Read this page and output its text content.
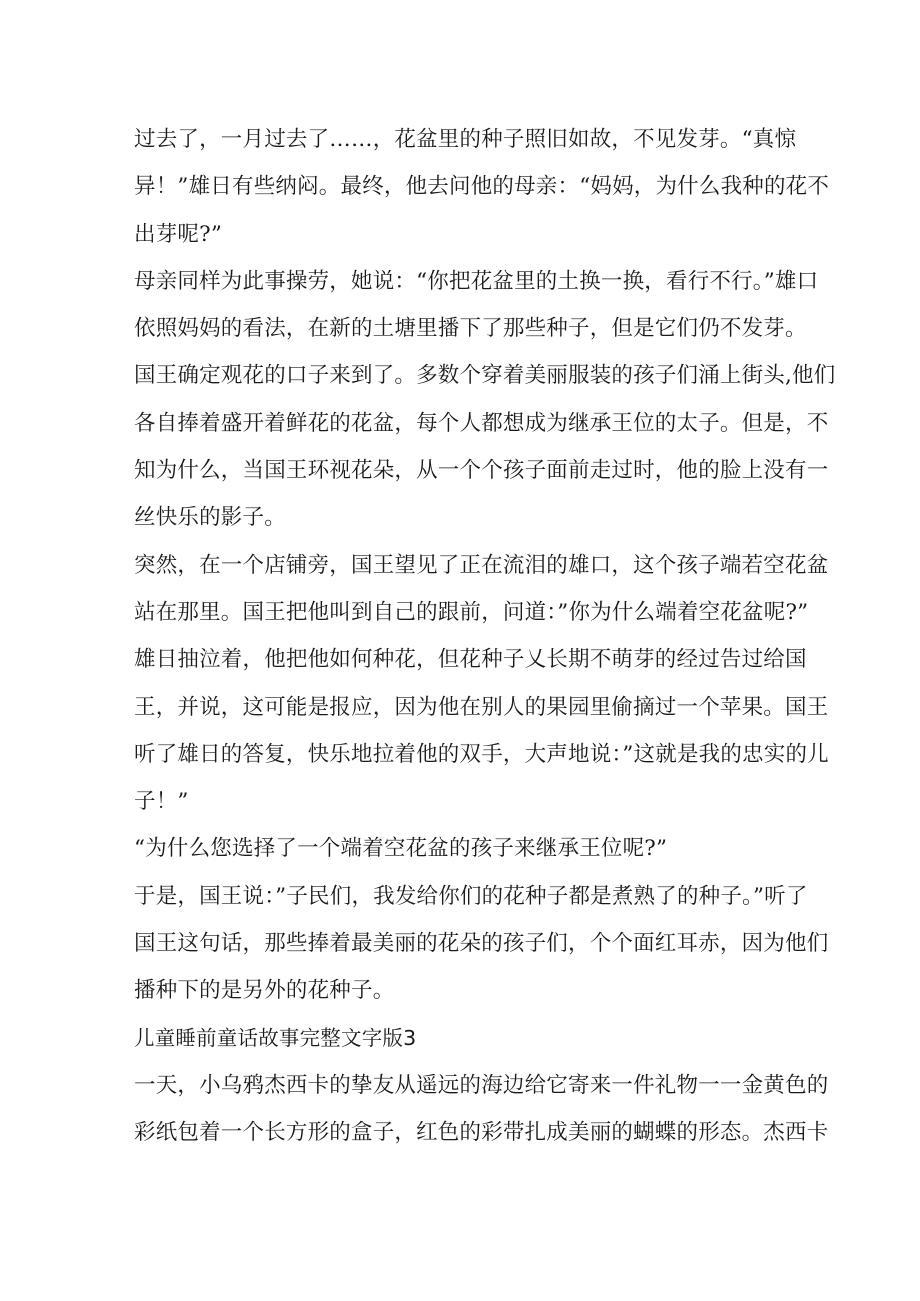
过去了，一月过去了……，花盆里的种子照旧如故，不见发芽。“真惊
异！”雄日有些纳闷。最终，他去问他的母亲：“妈妈，为什么我种的花不
出芽呢?”
母亲同样为此事操劳，她说：“你把花盆里的土换一换，看行不行。”雄口
依照妈妈的看法，在新的土塘里播下了那些种子，但是它们仍不发芽。
国王确定观花的口子来到了。多数个穿着美丽服装的孩子们涌上街头,他们
各自捧着盛开着鲜花的花盆，每个人都想成为继承王位的太子。但是，不
知为什么，当国王环视花朵，从一个个孩子面前走过时，他的脸上没有一
丝快乐的影子。
突然，在一个店铺旁，国王望见了正在流泪的雄口，这个孩子端若空花盆
站在那里。国王把他叫到自己的跟前，问道：”你为什么端着空花盆呢?”
雄日抽泣着，他把他如何种花，但花种子乂长期不萌芽的经过告过给国
王，并说，这可能是报应，因为他在别人的果园里偷摘过一个苹果。国王
听了雄日的答复，快乐地拉着他的双手，大声地说：”这就是我的忠实的儿
子！”
“为什么您选择了一个端着空花盆的孩子来继承王位呢?”
于是，国王说：”子民们，我发给你们的花种子都是煮熟了的种子。”听了
国王这句话，那些捧着最美丽的花朵的孩子们，个个面红耳赤，因为他们
播种下的是另外的花种子。
儿童睡前童话故事完整文字版3
一天，小乌鸦杰西卡的挚友从遥远的海边给它寄来一件礼物一一金黄色的
彩纸包着一个长方形的盒子，红色的彩带扎成美丽的蝴蝶的形态。杰西卡
